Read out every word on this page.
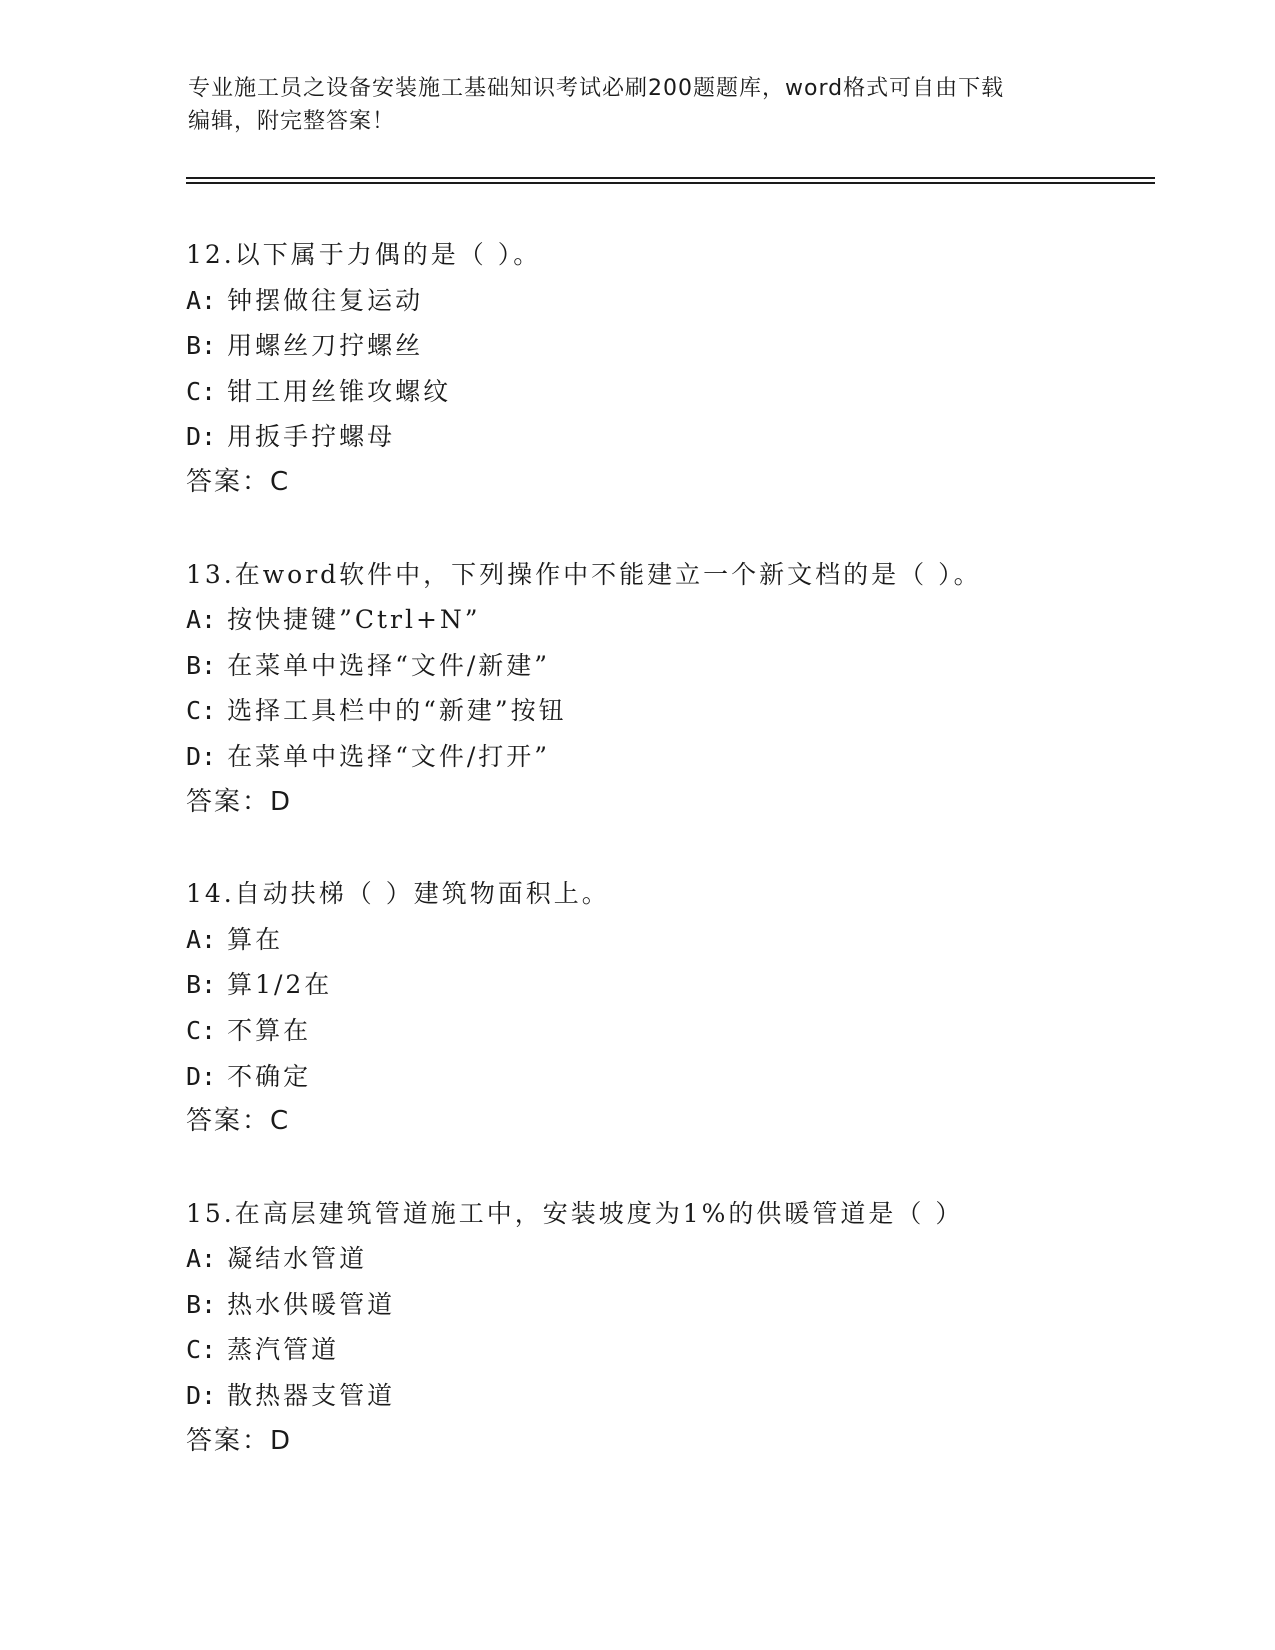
专业施工员之设备安装施工基础知识考试必刷200题题库，word格式可自由下载
编辑，附完整答案！
12.以下属于力偶的是（ ）。
A: 钟摆做往复运动
B: 用螺丝刀拧螺丝
C: 钳工用丝锥攻螺纹
D: 用扳手拧螺母
答案：C
13.在word软件中，下列操作中不能建立一个新文档的是（ ）。
A: 按快捷键”Ctrl+N”
B: 在菜单中选择“文件/新建”
C: 选择工具栏中的“新建”按钮
D: 在菜单中选择“文件/打开”
答案：D
14.自动扶梯（ ）建筑物面积上。
A: 算在
B: 算1/2在
C: 不算在
D: 不确定
答案：C
15.在高层建筑管道施工中，安装坡度为1%的供暖管道是（ ）
A: 凝结水管道
B: 热水供暖管道
C: 蒸汽管道
D: 散热器支管道
答案：D
